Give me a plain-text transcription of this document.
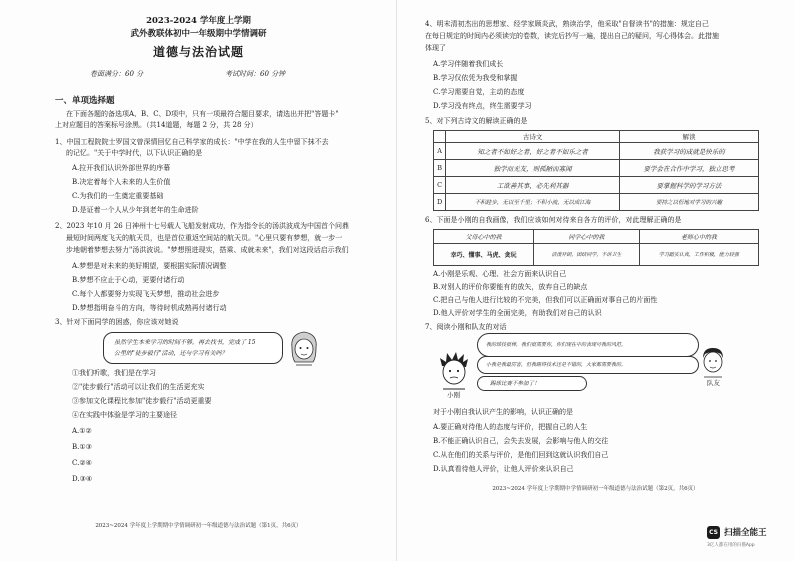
2023-2024 学年度上学期
武外教联体初中一年级期中学情调研
道德与法治试题
卷面满分：60 分	考试时间：60 分钟
一、单项选择题
在下面各题的备选项A、B、C、D项中，只有一项最符合题目要求，请选出并把"答题卡"
上对应题目的答案标号涂黑。（共14道题，每题 2 分，共 28 分）
1、中国工程院院士罗国文曾深情回忆自己科学家的成长："中学在我的人生中留下抹不去
的记忆。"关于中学时代，以下认识正确的是
A.拉开我们认识外部世界的序幕
B.决定着每个人未来的人生价值
C.为我们的一生奠定重要基础
D.是证着一个人从少年到老年的生命进阶
2、2023 年10 月 26 日神州十七号载人飞船发射成功，作为指令长的汤洪波成为中国首个问鼎
最短时间两度飞天的航天员，也是首位重返空间站的航天员。"心里只要有梦想，就一步一
步地朝着梦想去努力"汤洪波说。"梦想照进现实，搭乘、成就未来"，我们对这段话启示我们
A.梦想是对未来的美好期望，要根据实际情况调整
B.梦想不应止于心动，更要付诸行动
C.每个人都要努力实现飞天梦想，推动社会进步
D.梦想指明奋斗的方向，等待时机成熟再付诸行动
3、针对下面同学的困惑，你应该对她说
虽然学生本来学习的时间不够，再去找书，完成了 15
公里的"徒步毅行"活动，还与学习有关吗？
①我们听歌，我们是在学习
②"徒步毅行"活动可以让我们的生活更充实
③参加文化课程比参加"徒步毅行"活动更重要
④在实践中体验是学习的主要途径
A.①②
B.①③
C.②④
D.③④
2023~2024 学年度上学期期中学情调研初一年级道德与法治试题（第1页，共6页）
4、明末清初杰出的思想家、经学家顾炎武，熟读治学，他采取"自督读书"的措施：规定自己
在每日规定的时间内必须读完的卷数，读完后抄写一遍，提出自己的疑问，写心得体会。此措施
体现了
A.学习伴随着我们成长
B.学习仅依凭为我受和掌握
C.学习需要自觉，主动的态度
D.学习没有终点，终生需要学习
5、对下列古诗文的解读正确的是
	古诗文	解读
A	知之者不如好之者，好之者不如乐之者	我获学习的成就是快乐的
B	独学而无友，则孤陋而寡闻	要学会在合作中学习，独立思考
C	工欲善其事，必先利其器	要掌握科学的学习方法
D	不积跬步，无以至千里；不积小流，无以成江海	要持之以恒地对学习的兴趣
6、下面是小刚的自我画像，我们应该如何对待来自各方的评价，对此理解正确的是
父母心中的我	同学心中的我	老师心中的我
幸巧、懂事、马虎、贪玩	活泼开朗，团结同学，不讲卫生	学习踏实认真，工作积极，能力较强
A.小刚是乐观、心理、社会方面来认识自己
B.对别人的评价你要能有的放矢，放弃自己的缺点
C.把自己与他人进行比较的不完美，但我们可以正确面对事自己的片面性
D.他人评价对学生的全面完美，有助我们对自己的认识
7、阅读小刚和队友的对话
小刚
我的球技很棒，我们很需要你，你们现在中的表现可我的风范。
小我是我最厉害，但我踢得技术还是不错的，大家都需要我的。
踢球比赛不参加了！	队友
对于小刚自我认识产生的影响，认识正确的是
A.要正确对待他人的态度与评价，把握自己的人生
B.不能正确认识自己，会失去发展，会影响与他人的交往
C.从在他们的关系与评价，是他们回到这就认识我们自己
D.认真看待他人评价，让他人评价来认识自己
2023~2024 学年度上学期期中学情调研初一年级道德与法治试题（第2页，共6页）
CS 扫描全能王
3亿人都在用的扫描App
